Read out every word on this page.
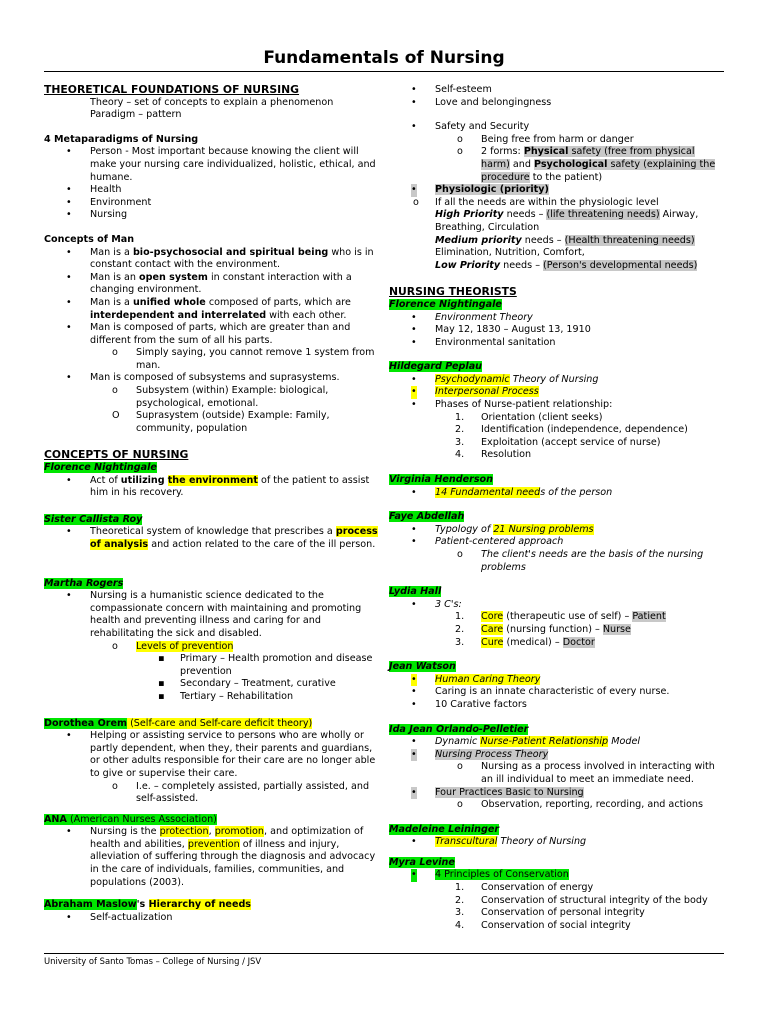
Fundamentals of Nursing
THEORETICAL FOUNDATIONS OF NURSING

Theory – set of concepts to explain a phenomenon

Paradigm – pattern

4 Metaparadigms of Nursing

• Person - Most important because knowing the client will make your nursing care individualized, holistic, ethical, and humane.

• Health

• Environment

• Nursing

Concepts of Man

• Man is a bio-psychosocial and spiritual being who is in constant contact with the environment.

• Man is an open system in constant interaction with a changing environment.

• Man is a unified whole composed of parts, which are interdependent and interrelated with each other.

• Man is composed of parts, which are greater than and different from the sum of all his parts.

o Simply saying, you cannot remove 1 system from man.

• Man is composed of subsystems and suprasystems.

o Subsystem (within) Example: biological, psychological, emotional.

O Suprasystem (outside) Example: Family, community, population

CONCEPTS OF NURSING

Florence Nightingale

• Act of utilizing the environment of the patient to assist him in his recovery.

Sister Callista Roy

• Theoretical system of knowledge that prescribes a process of analysis and action related to the care of the ill person.

Martha Rogers

• Nursing is a humanistic science dedicated to the compassionate concern with maintaining and promoting health and preventing illness and caring for and rehabilitating the sick and disabled.

o Levels of prevention

▪ Primary – Health promotion and disease prevention

▪ Secondary – Treatment, curative

▪ Tertiary – Rehabilitation

Dorothea Orem (Self-care and Self-care deficit theory)

• Helping or assisting service to persons who are wholly or partly dependent, when they, their parents and guardians, or other adults responsible for their care are no longer able to give or supervise their care.

o I.e. – completely assisted, partially assisted, and self-assisted.

ANA (American Nurses Association)

• Nursing is the protection, promotion, and optimization of health and abilities, prevention of illness and injury, alleviation of suffering through the diagnosis and advocacy in the care of individuals, families, communities, and populations (2003).

Abraham Maslow's Hierarchy of needs

• Self-actualization

• Self-esteem

• Love and belongingness

• Safety and Security

o Being free from harm or danger

o 2 forms: Physical safety (free from physical harm) and Psychological safety (explaining the procedure to the patient)

• Physiologic (priority)

o If all the needs are within the physiologic level

High Priority needs – (life threatening needs) Airway, Breathing, Circulation

Medium priority needs – (Health threatening needs) Elimination, Nutrition, Comfort,

Low Priority needs – (Person's developmental needs)

NURSING THEORISTS

Florence Nightingale

• Environment Theory

• May 12, 1830 – August 13, 1910

• Environmental sanitation

Hildegard Peplau

• Psychodynamic Theory of Nursing

• Interpersonal Process

• Phases of Nurse-patient relationship:

1. Orientation (client seeks)

2. Identification (independence, dependence)

3. Exploitation (accept service of nurse)

4. Resolution

Virginia Henderson

• 14 Fundamental needs of the person

Faye Abdellah

• Typology of 21 Nursing problems

• Patient-centered approach

o The client's needs are the basis of the nursing problems

Lydia Hall

• 3 C's:

1. Core (therapeutic use of self) – Patient

2. Care (nursing function) – Nurse

3. Cure (medical) – Doctor

Jean Watson

• Human Caring Theory

• Caring is an innate characteristic of every nurse.

• 10 Carative factors

Ida Jean Orlando-Pelletier

• Dynamic Nurse-Patient Relationship Model

• Nursing Process Theory

o Nursing as a process involved in interacting with an ill individual to meet an immediate need.

• Four Practices Basic to Nursing

o Observation, reporting, recording, and actions

Madeleine Leininger

• Transcultural Theory of Nursing

Myra Levine

• 4 Principles of Conservation

1. Conservation of energy

2. Conservation of structural integrity of the body

3. Conservation of personal integrity

4. Conservation of social integrity

University of Santo Tomas – College of Nursing / JSV
